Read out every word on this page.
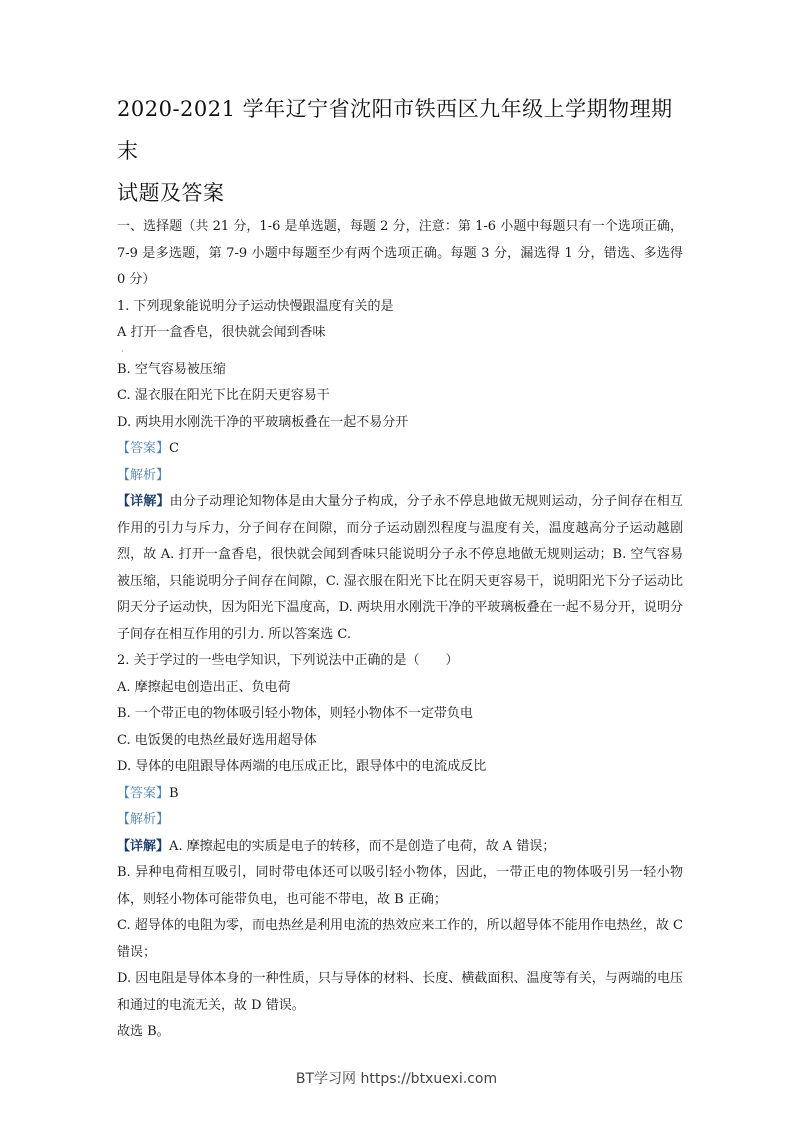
2020-2021 学年辽宁省沈阳市铁西区九年级上学期物理期末
试题及答案

一、选择题（共 21 分，1-6 是单选题，每题 2 分，注意：第 1-6 小题中每题只有一个选项正确，7-9 是多选题，第 7-9 小题中每题至少有两个选项正确。每题 3 分，漏选得 1 分，错选、多选得 0 分）

1. 下列现象能说明分子运动快慢跟温度有关的是

A 打开一盒香皂，很快就会闻到香味

·

B. 空气容易被压缩

C. 湿衣服在阳光下比在阴天更容易干

D. 两块用水刚洗干净的平玻璃板叠在一起不易分开

【答案】C

【解析】

【详解】由分子动理论知物体是由大量分子构成，分子永不停息地做无规则运动，分子间存在相互作用的引力与斥力，分子间存在间隙，而分子运动剧烈程度与温度有关，温度越高分子运动越剧烈，故 A. 打开一盒香皂，很快就会闻到香味只能说明分子永不停息地做无规则运动；B. 空气容易被压缩，只能说明分子间存在间隙，C. 湿衣服在阳光下比在阴天更容易干，说明阳光下分子运动比阴天分子运动快，因为阳光下温度高，D. 两块用水刚洗干净的平玻璃板叠在一起不易分开，说明分子间存在相互作用的引力. 所以答案选 C.

2. 关于学过的一些电学知识，下列说法中正确的是（　　）

A. 摩擦起电创造出正、负电荷

B. 一个带正电的物体吸引轻小物体，则轻小物体不一定带负电

C. 电饭煲的电热丝最好选用超导体

D. 导体的电阻跟导体两端的电压成正比，跟导体中的电流成反比

【答案】B

【解析】

【详解】A. 摩擦起电的实质是电子的转移，而不是创造了电荷，故 A 错误；

B. 异种电荷相互吸引，同时带电体还可以吸引轻小物体，因此，一带正电的物体吸引另一轻小物体，则轻小物体可能带负电，也可能不带电，故 B 正确；

C. 超导体的电阻为零，而电热丝是利用电流的热效应来工作的，所以超导体不能用作电热丝，故 C 错误；

D. 因电阻是导体本身的一种性质，只与导体的材料、长度、横截面积、温度等有关，与两端的电压和通过的电流无关，故 D 错误。

故选 B。

BT学习网 https://btxuexi.com
